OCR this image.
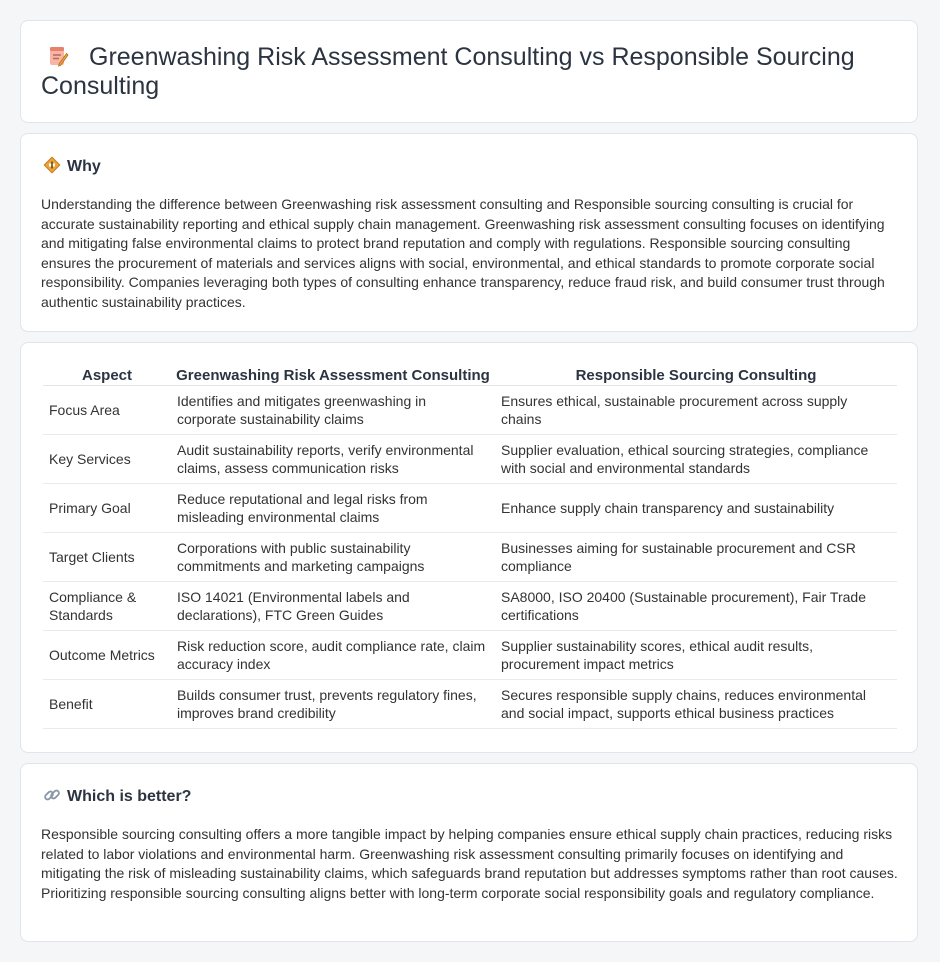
Greenwashing Risk Assessment Consulting vs Responsible Sourcing Consulting
Why

Understanding the difference between Greenwashing risk assessment consulting and Responsible sourcing consulting is crucial for accurate sustainability reporting and ethical supply chain management. Greenwashing risk assessment consulting focuses on identifying and mitigating false environmental claims to protect brand reputation and comply with regulations. Responsible sourcing consulting ensures the procurement of materials and services aligns with social, environmental, and ethical standards to promote corporate social responsibility. Companies leveraging both types of consulting enhance transparency, reduce fraud risk, and build consumer trust through authentic sustainability practices.

Aspect	Greenwashing Risk Assessment Consulting	Responsible Sourcing Consulting
Focus Area	Identifies and mitigates greenwashing in corporate sustainability claims	Ensures ethical, sustainable procurement across supply chains
Key Services	Audit sustainability reports, verify environmental claims, assess communication risks	Supplier evaluation, ethical sourcing strategies, compliance with social and environmental standards
Primary Goal	Reduce reputational and legal risks from misleading environmental claims	Enhance supply chain transparency and sustainability
Target Clients	Corporations with public sustainability commitments and marketing campaigns	Businesses aiming for sustainable procurement and CSR compliance
Compliance & Standards	ISO 14021 (Environmental labels and declarations), FTC Green Guides	SA8000, ISO 20400 (Sustainable procurement), Fair Trade certifications
Outcome Metrics	Risk reduction score, audit compliance rate, claim accuracy index	Supplier sustainability scores, ethical audit results, procurement impact metrics
Benefit	Builds consumer trust, prevents regulatory fines, improves brand credibility	Secures responsible supply chains, reduces environmental and social impact, supports ethical business practices
Which is better?

Responsible sourcing consulting offers a more tangible impact by helping companies ensure ethical supply chain practices, reducing risks related to labor violations and environmental harm. Greenwashing risk assessment consulting primarily focuses on identifying and mitigating the risk of misleading sustainability claims, which safeguards brand reputation but addresses symptoms rather than root causes. Prioritizing responsible sourcing consulting aligns better with long-term corporate social responsibility goals and regulatory compliance.
